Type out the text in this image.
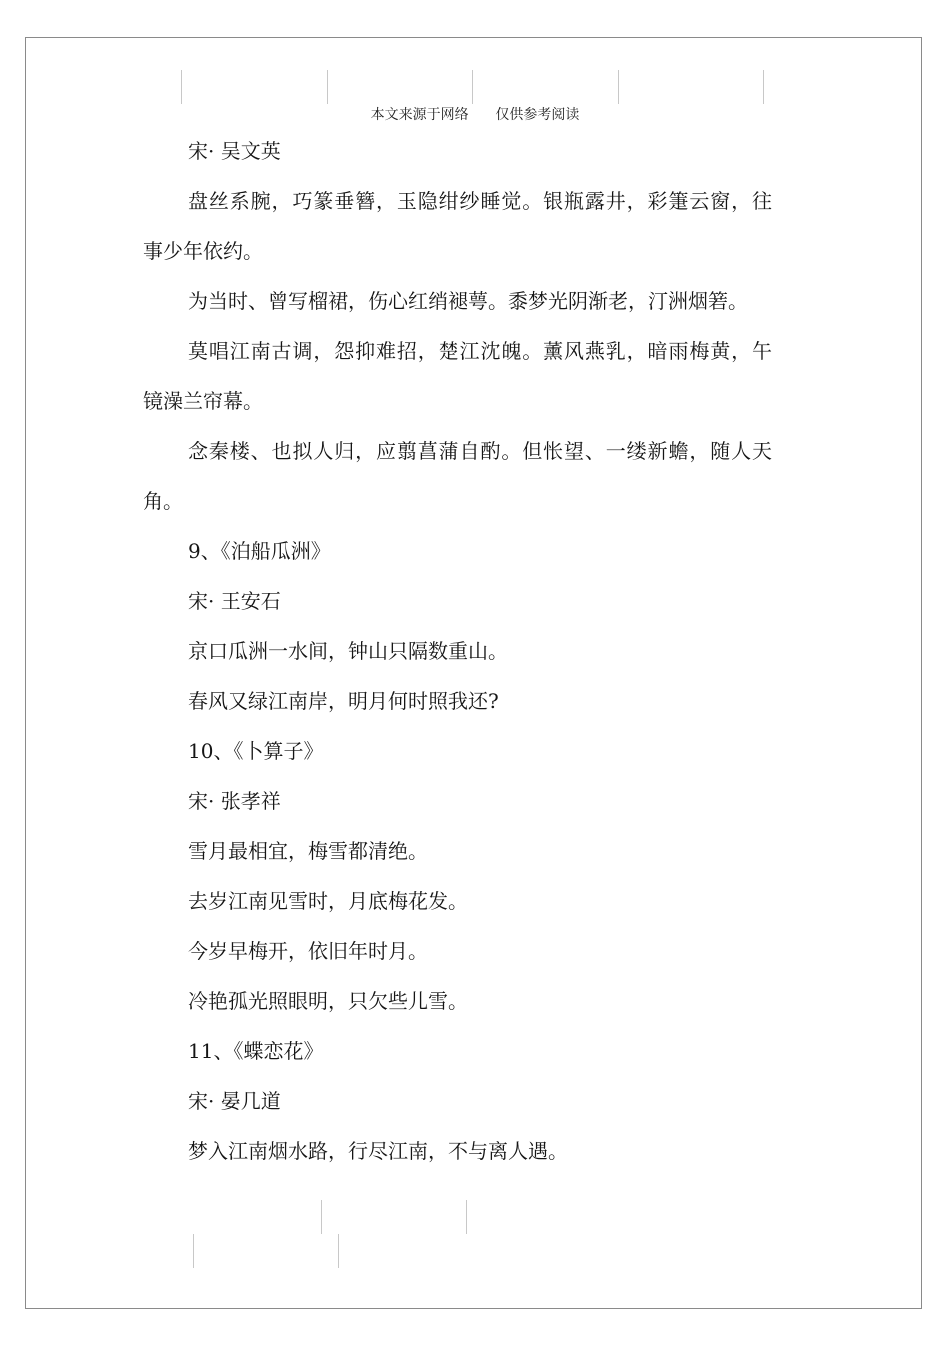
本文来源于网络      仅供参考阅读
宋· 吴文英
盘丝系腕，巧篆垂簪，玉隐绀纱睡觉。银瓶露井，彩箑云窗，往
事少年依约。
为当时、曾写榴裙，伤心红绡褪萼。黍梦光阴渐老，汀洲烟箬。
莫唱江南古调，怨抑难招，楚江沈魄。薰风燕乳，暗雨梅黄，午
镜澡兰帘幕。
念秦楼、也拟人归，应翦菖蒲自酌。但怅望、一缕新蟾，随人天
角。
9、《泊船瓜洲》
宋· 王安石
京口瓜洲一水间，钟山只隔数重山。
春风又绿江南岸，明月何时照我还?
10、《卜算子》
宋· 张孝祥
雪月最相宜，梅雪都清绝。
去岁江南见雪时，月底梅花发。
今岁早梅开，依旧年时月。
冷艳孤光照眼明，只欠些儿雪。
11、《蝶恋花》
宋· 晏几道
梦入江南烟水路，行尽江南，不与离人遇。
